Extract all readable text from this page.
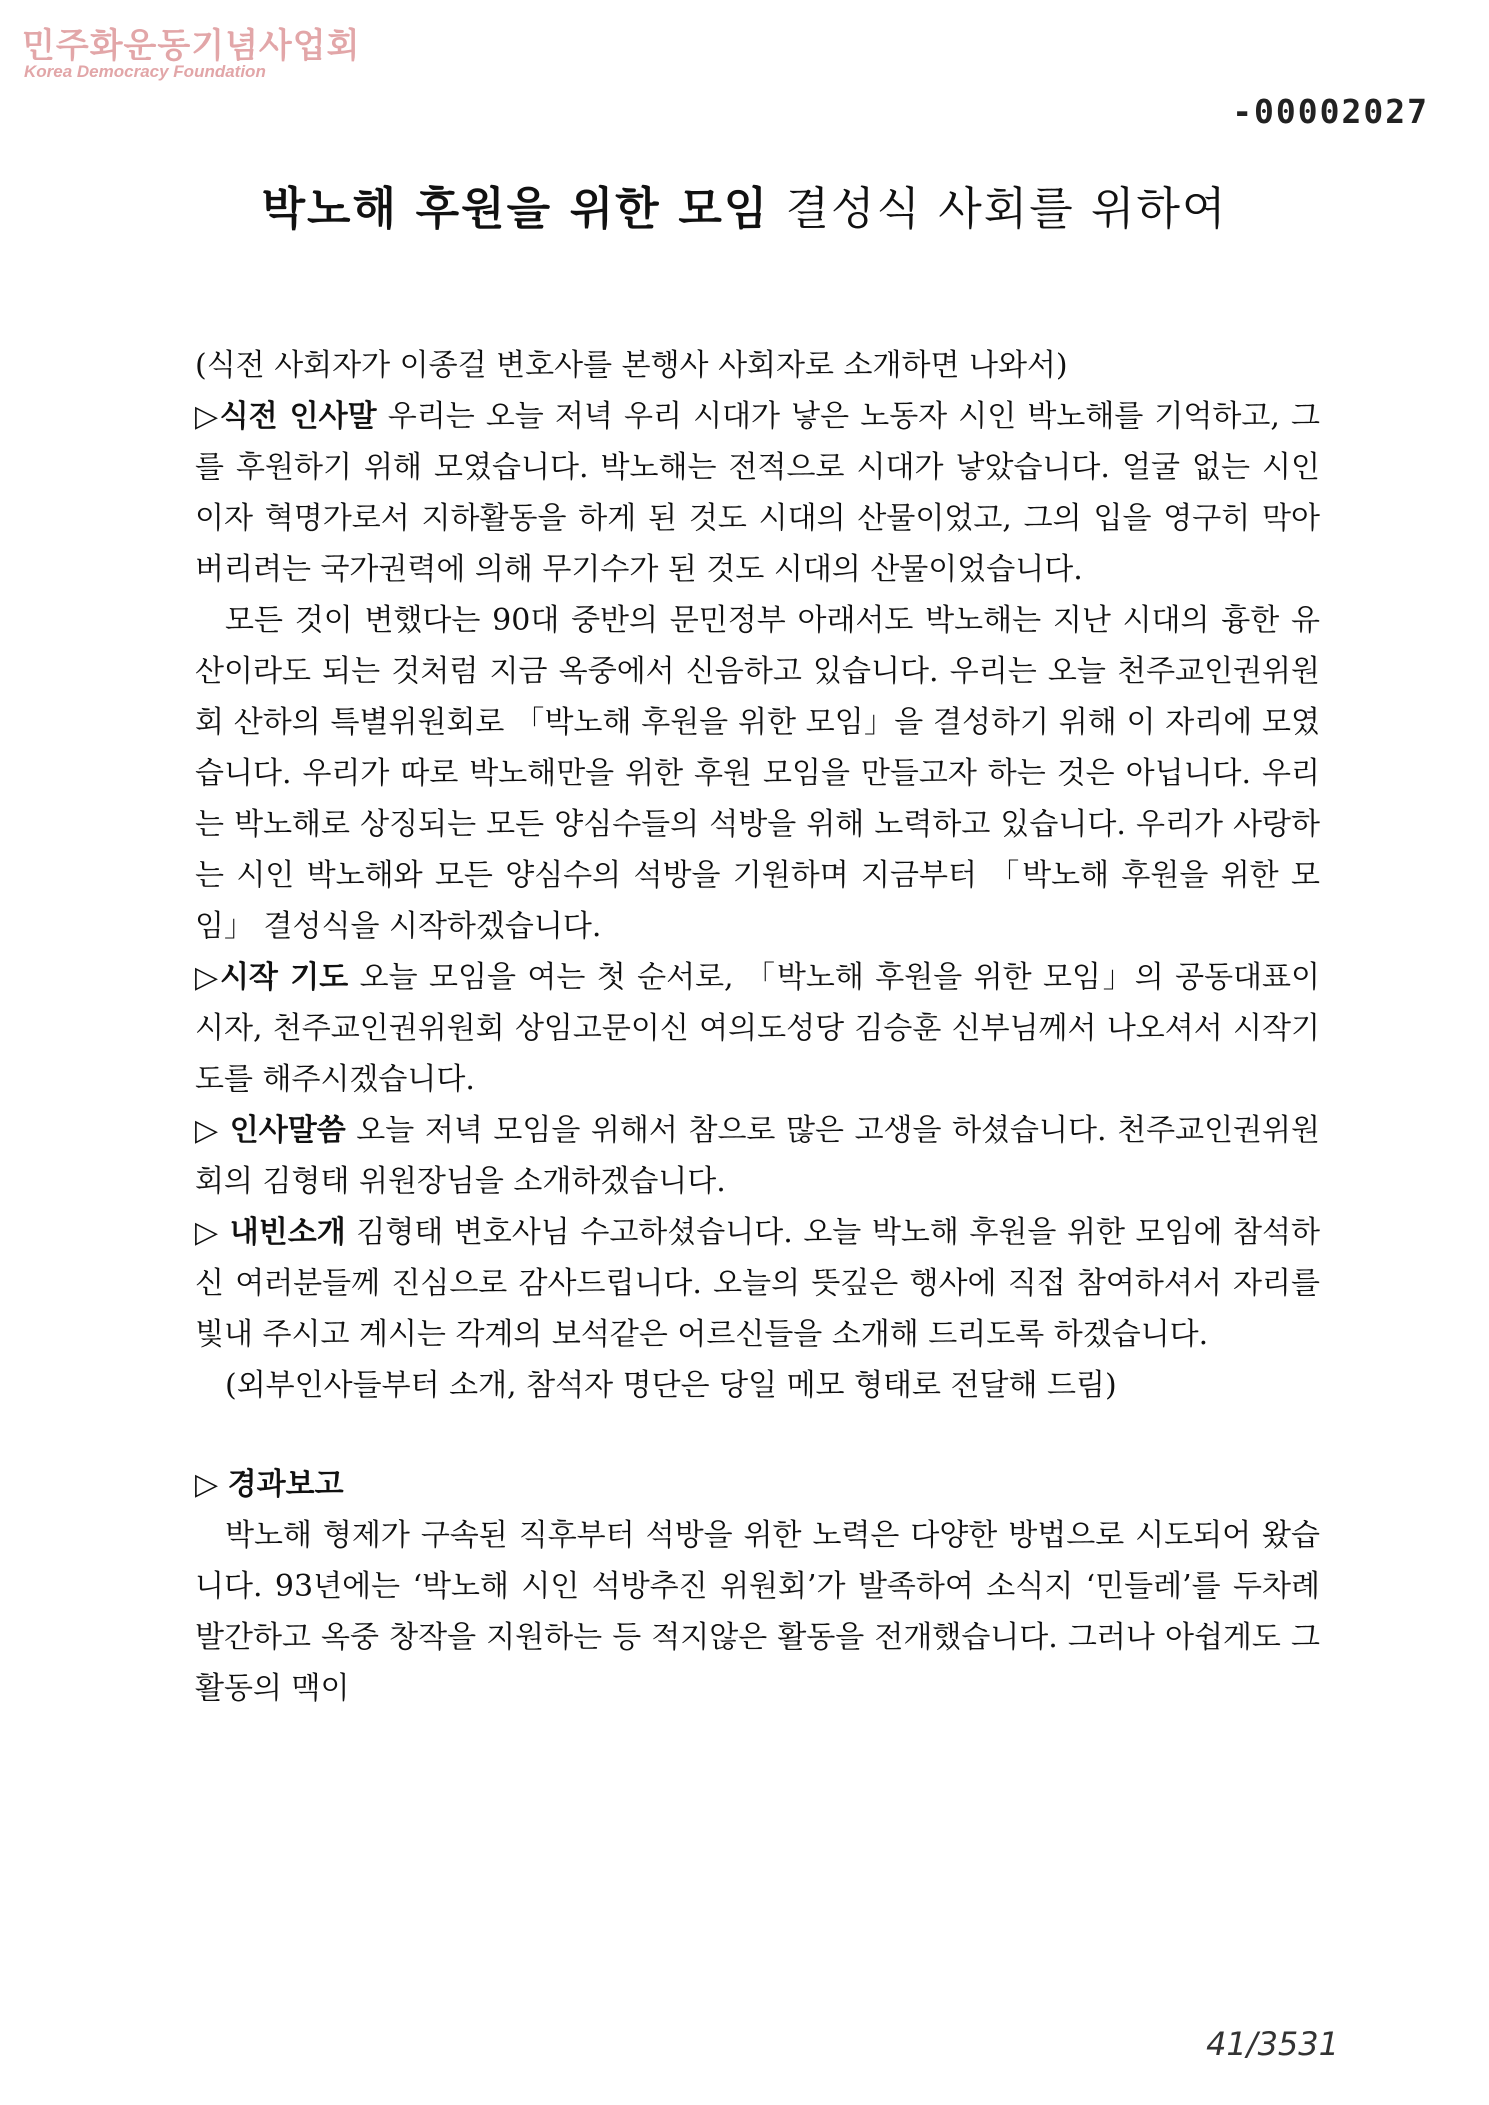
민주화운동기념사업회
Korea Democracy Foundation
-00002027
박노해 후원을 위한 모임 결성식 사회를 위하여

(식전 사회자가 이종걸 변호사를 본행사 사회자로 소개하면 나와서)

▷식전 인사말 우리는 오늘 저녁 우리 시대가 낳은 노동자 시인 박노해를 기억하고, 그를 후원하기 위해 모였습니다. 박노해는 전적으로 시대가 낳았습니다. 얼굴 없는 시인이자 혁명가로서 지하활동을 하게 된 것도 시대의 산물이었고, 그의 입을 영구히 막아버리려는 국가권력에 의해 무기수가 된 것도 시대의 산물이었습니다.

모든 것이 변했다는 90대 중반의 문민정부 아래서도 박노해는 지난 시대의 흉한 유산이라도 되는 것처럼 지금 옥중에서 신음하고 있습니다. 우리는 오늘 천주교인권위원회 산하의 특별위원회로 「박노해 후원을 위한 모임」을 결성하기 위해 이 자리에 모였습니다. 우리가 따로 박노해만을 위한 후원 모임을 만들고자 하는 것은 아닙니다. 우리는 박노해로 상징되는 모든 양심수들의 석방을 위해 노력하고 있습니다. 우리가 사랑하는 시인 박노해와 모든 양심수의 석방을 기원하며 지금부터 「박노해 후원을 위한 모임」 결성식을 시작하겠습니다.

▷시작 기도 오늘 모임을 여는 첫 순서로, 「박노해 후원을 위한 모임」의 공동대표이시자, 천주교인권위원회 상임고문이신 여의도성당 김승훈 신부님께서 나오셔서 시작기도를 해주시겠습니다.

▷ 인사말씀 오늘 저녁 모임을 위해서 참으로 많은 고생을 하셨습니다. 천주교인권위원회의 김형태 위원장님을 소개하겠습니다.

▷ 내빈소개 김형태 변호사님 수고하셨습니다. 오늘 박노해 후원을 위한 모임에 참석하신 여러분들께 진심으로 감사드립니다. 오늘의 뜻깊은 행사에 직접 참여하셔서 자리를 빛내 주시고 계시는 각계의 보석같은 어르신들을 소개해 드리도록 하겠습니다.

(외부인사들부터 소개, 참석자 명단은 당일 메모 형태로 전달해 드림)

▷ 경과보고

박노해 형제가 구속된 직후부터 석방을 위한 노력은 다양한 방법으로 시도되어 왔습니다. 93년에는 ‘박노해 시인 석방추진 위원회’가 발족하여 소식지 ‘민들레’를 두차례 발간하고 옥중 창작을 지원하는 등 적지않은 활동을 전개했습니다. 그러나 아쉽게도 그 활동의 맥이

41/3531
